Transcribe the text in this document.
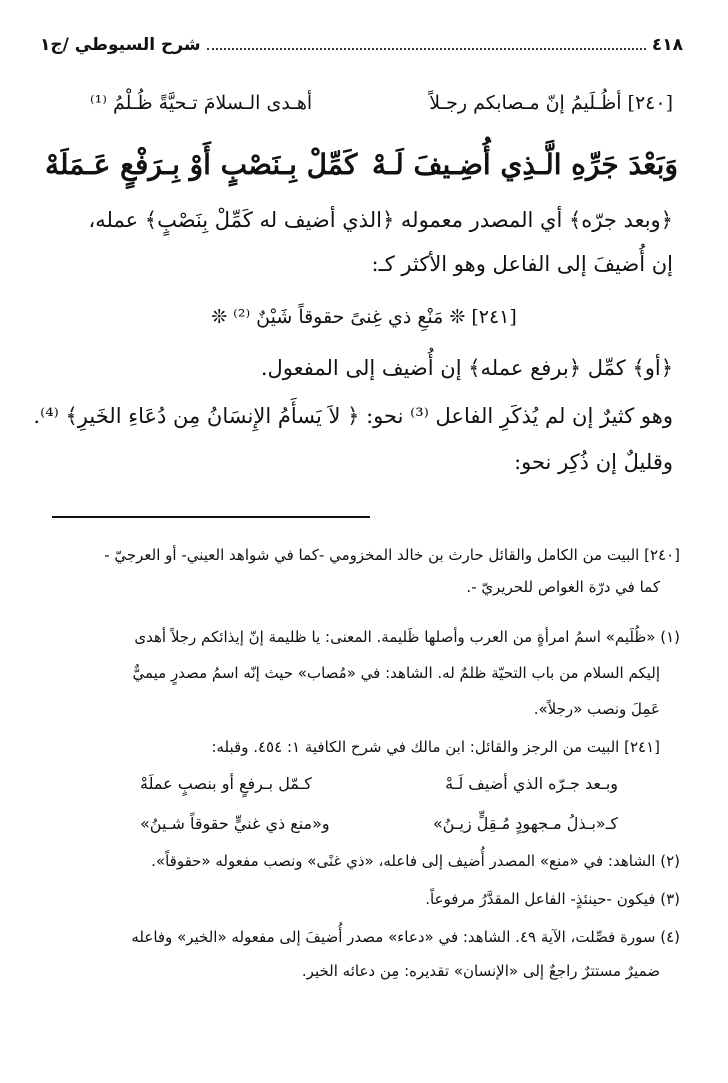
٤١٨
شرح السيوطي /ج١
[٢٤٠] أظُـلَيمُ إنّ مـصابكم رجـلاً
أهـدى الـسلامَ تـحيَّةً ظُـلْمُ ⁽¹⁾
وَبَعْدَ جَرِّهِ الَّـذِي أُضِـيفَ لَـهْ
كَمِّلْ بِـنَصْبٍ أَوْ بِـرَفْعٍ عَـمَلَهْ
﴿وبعد جرّه﴾ أي المصدر معموله ﴿الذي أضيف له كَمِّلْ بِنَصْبٍ﴾ عمله،
إن أُضيفَ إلى الفاعل وهو الأكثر كـ:
[٢٤١] ❊ مَنْعِ ذي غِنىً حقوقاً شَيْنٌ ⁽²⁾ ❊
﴿أو﴾ كمِّل ﴿برفع عمله﴾ إن أُضيف إلى المفعول.
وهو كثيرٌ إن لم يُذكَرِ الفاعل ⁽³⁾ نحو: ﴿ لاَ يَسأَمُ الإِنسَانُ مِن دُعَاءِ الخَيرِ﴾ ⁽⁴⁾.
وقليلٌ إن ذُكِر نحو:
[٢٤٠] البيت من الكامل والقائل حارث بن خالد المخزومي -كما في شواهد العيني- أو العرجيّ -
كما في درّة الغواص للحريريّ -.
(١) «ظُلَيم» اسمُ امرأةٍ من العرب وأصلها ظَليمة. المعنى: يا ظليمة إنّ إيذائكم رجلاً أهدى
إليكم السلام من باب التحيّة ظلمٌ له. الشاهد: في «مُصاب» حيث إنّه اسمُ مصدرٍ ميميٌّ
عَمِلَ ونصب «رجلاً».
[٢٤١] البيت من الرجز والقائل: ابن مالك في شرح الكافية ١: ٤٥٤. وقبله:
وبـعد جـرّه الذي أضيف لَـهْ
كـمّل بـرفعٍ أو بنصبٍ عملَهْ
كـ«بـذلُ مـجهودٍ مُـقِلٍّ زيـنُ»
و«منع ذي غنيٍّ حقوقاً شـينُ»
(٢) الشاهد: في «منع» المصدر أُضيف إلى فاعله، «ذي غنًى» ونصب مفعوله «حقوقاً».
(٣) فيكون -حينئذٍ- الفاعل المقدَّرُ مرفوعاً.
(٤) سورة فصِّلت، الآية ٤٩. الشاهد: في «دعاء» مصدر أُضيفَ إلى مفعوله «الخير» وفاعله
ضميرٌ مستترٌ راجعٌ إلى «الإنسان» تقديره: مِن دعائه الخير.
